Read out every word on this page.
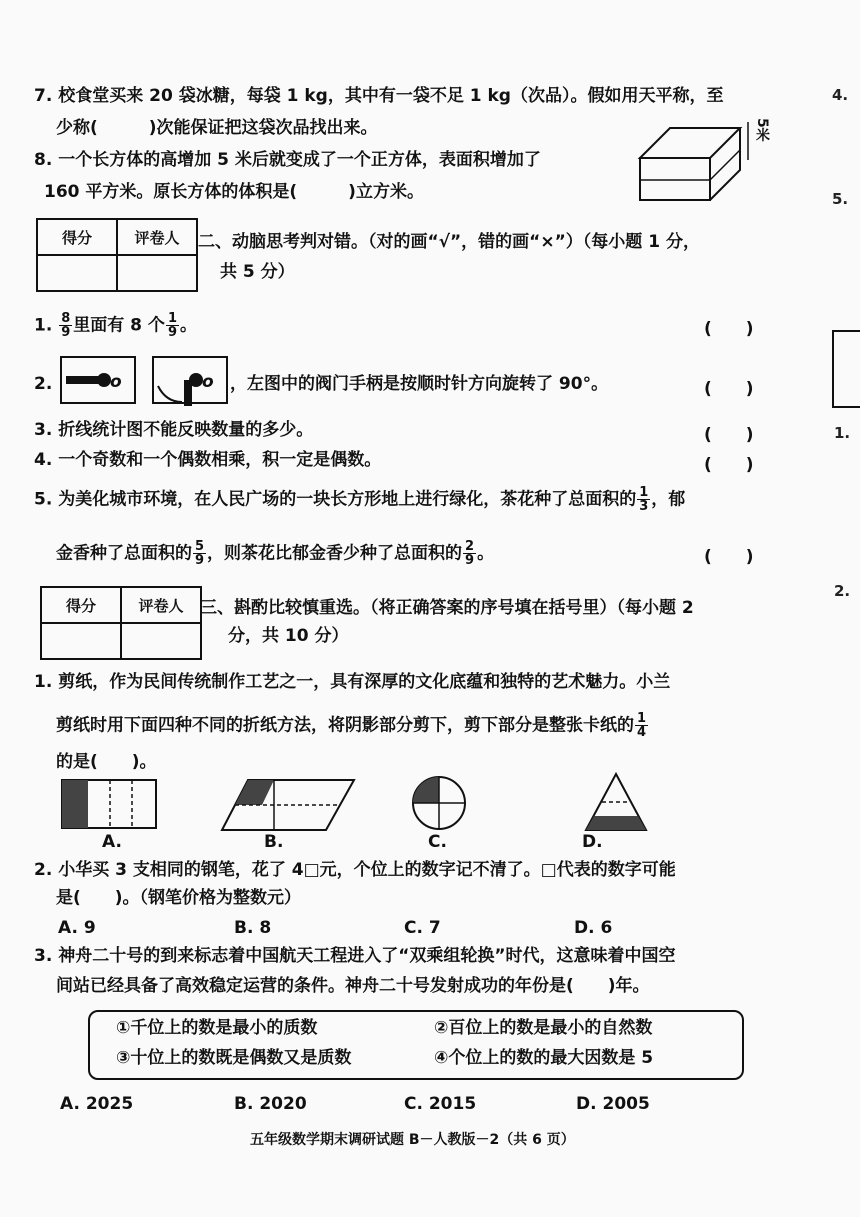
7. 校食堂买来 20 袋冰糖，每袋 1 kg，其中有一袋不足 1 kg（次品）。假如用天平称，至
少称(　　　)次能保证把这袋次品找出来。
8. 一个长方体的高增加 5 米后就变成了一个正方体，表面积增加了
160 平方米。原长方体的体积是(　　　)立方米。
5米
得分	评卷人
	二、动脑思考判对错。（对的画“√”，错的画“×”）（每小题 1 分，
共 5 分）
1. $\frac{8}{9}$ 里面有 8 个 $\frac{1}{9}$ 。	(　　)
2.	o	o ，左图中的阀门手柄是按顺时针方向旋转了 90°。	(　　)
3. 折线统计图不能反映数量的多少。	(　　)
4. 一个奇数和一个偶数相乘，积一定是偶数。	(　　)
5. 为美化城市环境，在人民广场的一块长方形地上进行绿化，茶花种了总面积的 $\frac{1}{3}$ ，郁
金香种了总面积的 $\frac{5}{9}$ ，则茶花比郁金香少种了总面积的 $\frac{2}{9}$ 。	(　　)
得分	评卷人
	三、斟酌比较慎重选。（将正确答案的序号填在括号里）（每小题 2
分，共 10 分）
1. 剪纸，作为民间传统制作工艺之一，具有深厚的文化底蕴和独特的艺术魅力。小兰
剪纸时用下面四种不同的折纸方法，将阴影部分剪下，剪下部分是整张卡纸的 $\frac{1}{4}$
的是(　　)。
A.	B.	C.	D.
2. 小华买 3 支相同的钢笔，花了 4□元，个位上的数字记不清了。□代表的数字可能
是(　　)。（钢笔价格为整数元）
A. 9	B. 8	C. 7	D. 6
3. 神舟二十号的到来标志着中国航天工程进入了“双乘组轮换”时代，这意味着中国空
间站已经具备了高效稳定运营的条件。神舟二十号发射成功的年份是(　　)年。
①千位上的数是最小的质数	②百位上的数是最小的自然数
③十位上的数既是偶数又是质数	④个位上的数的最大因数是 5
A. 2025	B. 2020	C. 2015	D. 2005
五年级数学期末调研试题 B－人教版－2（共 6 页）
4.
5.
1.
2.
